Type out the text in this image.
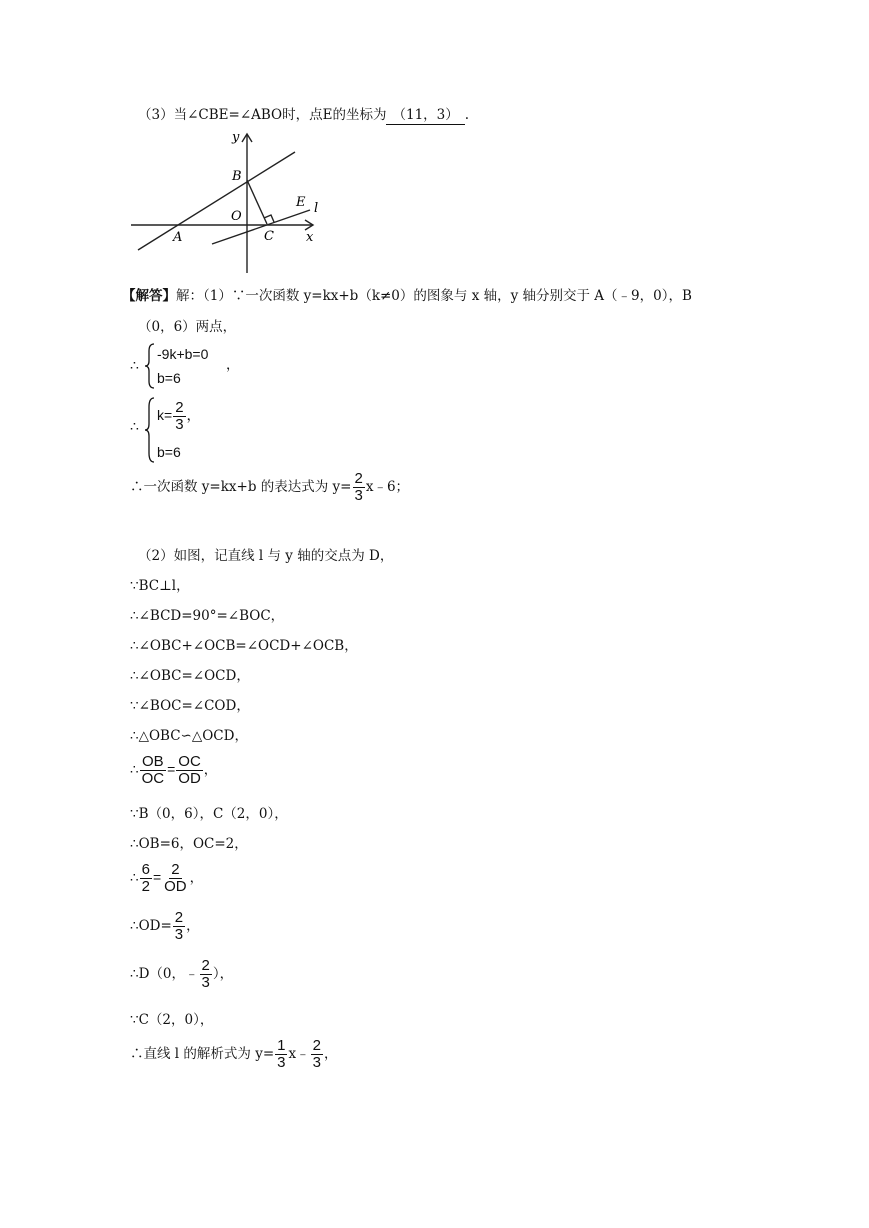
（3）当∠CBE=∠ABO时，点E的坐标为 （11，3） .
y
B
O
A	C
E l
x
【解答】解：（1）∵一次函数 y=kx+b（k≠0）的图象与 x 轴，y 轴分别交于 A（﹣9，0），B
（0，6）两点，
∴
-9k+b=0
b=6
，
∴
$k= \frac{2}{3}$ ，
b=6
∴一次函数 y=kx+b 的表达式为 $y= \frac{2}{3}$ x﹣6；
（2）如图，记直线 l 与 y 轴的交点为 D，
∵BC⊥l，
∴∠BCD=90°=∠BOC，
∴∠OBC+∠OCB=∠OCD+∠OCB，
∴∠OBC=∠OCD，
∵∠BOC=∠COD，
∴△OBC∽△OCD，
∴ $\frac{OB}{OC} = \frac{OC}{OD}$ ，
∵B（0，6），C（2，0），
∴OB=6，OC=2，
∴ $\frac{6}{2} = \frac{2}{OD}$ ，
∴OD= $\frac{2}{3}$ ，
∴D（0，﹣ $\frac{2}{3}$ ），
∵C（2，0），
∴直线 l 的解析式为 $y= \frac{1}{3}$ x﹣ $\frac{2}{3}$ ，
